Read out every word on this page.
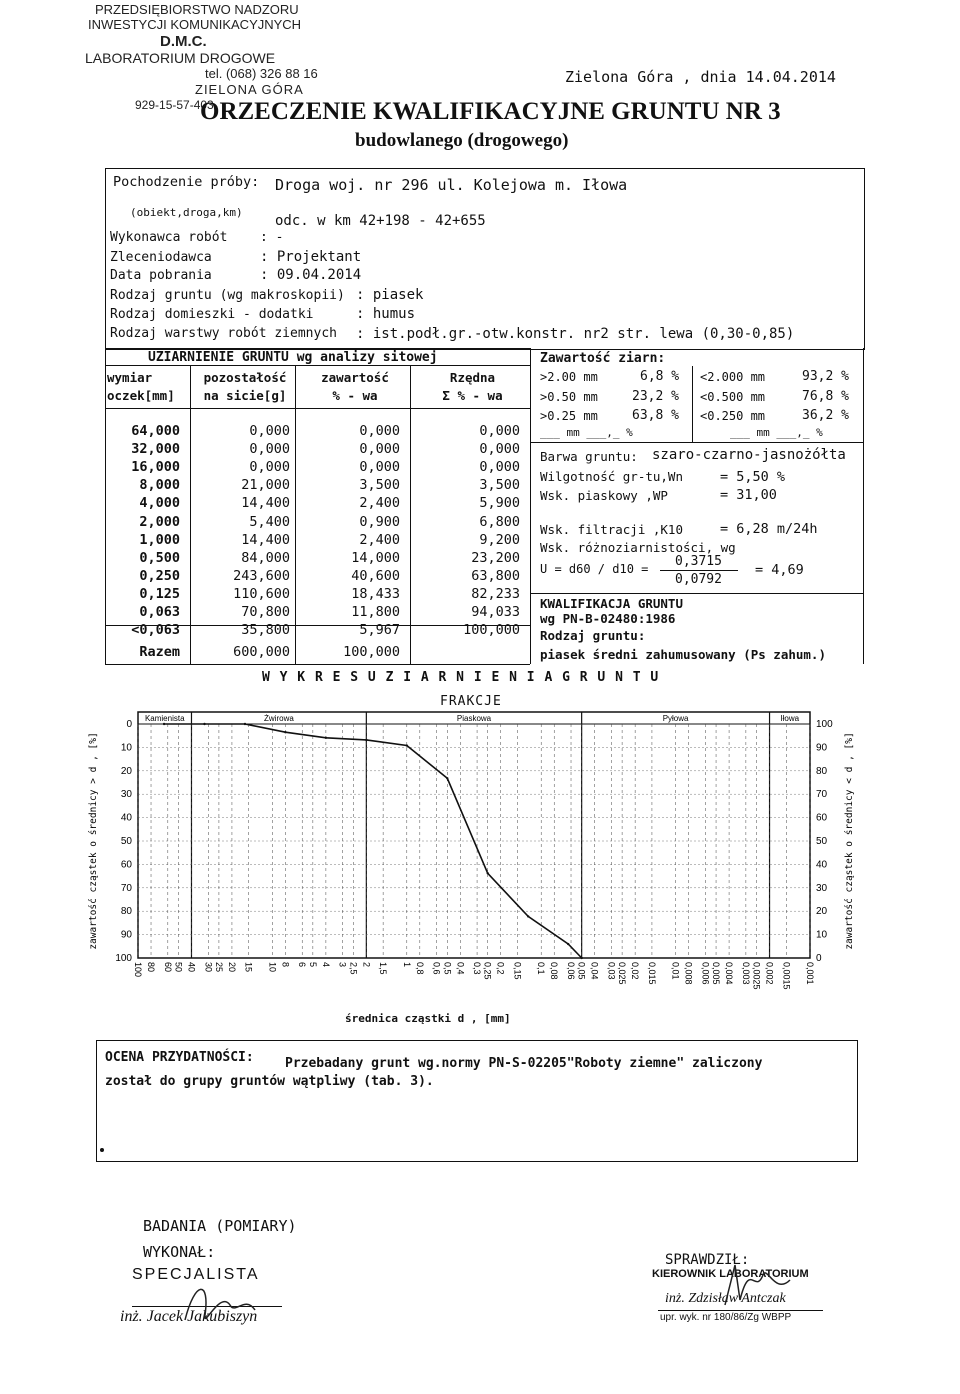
PRZEDSIĘBIORSTWO NADZORU
INWESTYCJI KOMUNIKACYJNYCH
D.M.C.
LABORATORIUM DROGOWE
tel. (068) 326 88 16
ZIELONA GÓRA
929-15-57-403
Zielona Góra , dnia 14.04.2014
ORZECZENIE KWALIFIKACYJNE GRUNTU NR 3
budowlanego (drogowego)
Pochodzenie próby: Droga woj. nr 296 ul. Kolejowa m. Iłowa
(obiekt,droga,km)
odc. w km 42+198 - 42+655
Wykonawca robót	: -
Zleceniodawca	: Projektant
Data pobrania	: 09.04.2014
Rodzaj gruntu (wg makroskopii) : piasek
Rodzaj domieszki - dodatki	: humus
Rodzaj warstwy robót ziemnych : ist.podł.gr.-otw.konstr. nr2 str. lewa (0,30-0,85)
UZIARNIENIE GRUNTU wg analizy sitowej
wymiar
oczek[mm]
pozostałość
na sicie[g]
zawartość
% - wa
Rzędna
Σ % - wa
64,000	0,000	0,000	0,000
32,000	0,000	0,000	0,000
16,000	0,000	0,000	0,000
8,000	21,000	3,500	3,500
4,000	14,400	2,400	5,900
2,000	5,400	0,900	6,800
1,000	14,400	2,400	9,200
0,500	84,000	14,000	23,200
0,250	243,600	40,600	63,800
0,125	110,600	18,433	82,233
0,063	70,800	11,800	94,033
<0,063	35,800	5,967	100,000
Razem	600,000	100,000
Zawartość ziarn:
>2.00 mm	6,8 % <2.000 mm	93,2 %
>0.50 mm	23,2 % <0.500 mm	76,8 %
>0.25 mm	63,8 % <0.250 mm	36,2 %
___ mm ___,_ %	___ mm ___,_ %
Barwa gruntu: szaro-czarno-jasnożółta
Wilgotność gr-tu,Wn	= 5,50 %
Wsk. piaskowy ,WP	= 31,00
Wsk. filtracji ,K10	= 6,28 m/24h
Wsk. różnoziarnistości, wg
U = d60 / d10 = 0,3715
0,0792
= 4,69
KWALIFIKACJA GRUNTU
wg PN-B-02480:1986
Rodzaj gruntu:
piasek średni zahumusowany (Ps zahum.)
W Y K R E S U Z I A R N I E N I A G R U N T U
FRAKCJE
Kamienista	Żwirowa	Piaskowa	Pyłowa	Iłowa
100 80 60 50 40 30 25 20 15 10 8 6 5 4 3 2,5 2 1,5 1 0,8 0,6 0,5 0,4 0,3 0,25 0,2 0,15 0,1 0,08 0,06 0,05 0,04 0,03 0,025 0,02 0,015 0,01 0,008 0,006 0,005 0,004 0,003 0,0025 0,002 0,0015 0,001
0
10
20
30
40
50
60
70
80
90
100
100
90
80
70
60
50
40
30
20
10
0
zawartość cząstek o średnicy > d , [%]	zawartość cząstek o średnicy < d , [%]
średnica cząstki d , [mm]
OCENA PRZYDATNOŚCI: Przebadany grunt wg.normy PN-S-02205"Roboty ziemne" zaliczony
został do grupy gruntów wątpliwy (tab. 3).
BADANIA (POMIARY)
WYKONAŁ:
SPECJALISTA
inż. Jacek Jakubiszyn
SPRAWDZIŁ:
KIEROWNIK LABORATORIUM
inż. Zdzisław Antczak
upr. wyk. nr 180/86/Zg WBPP
